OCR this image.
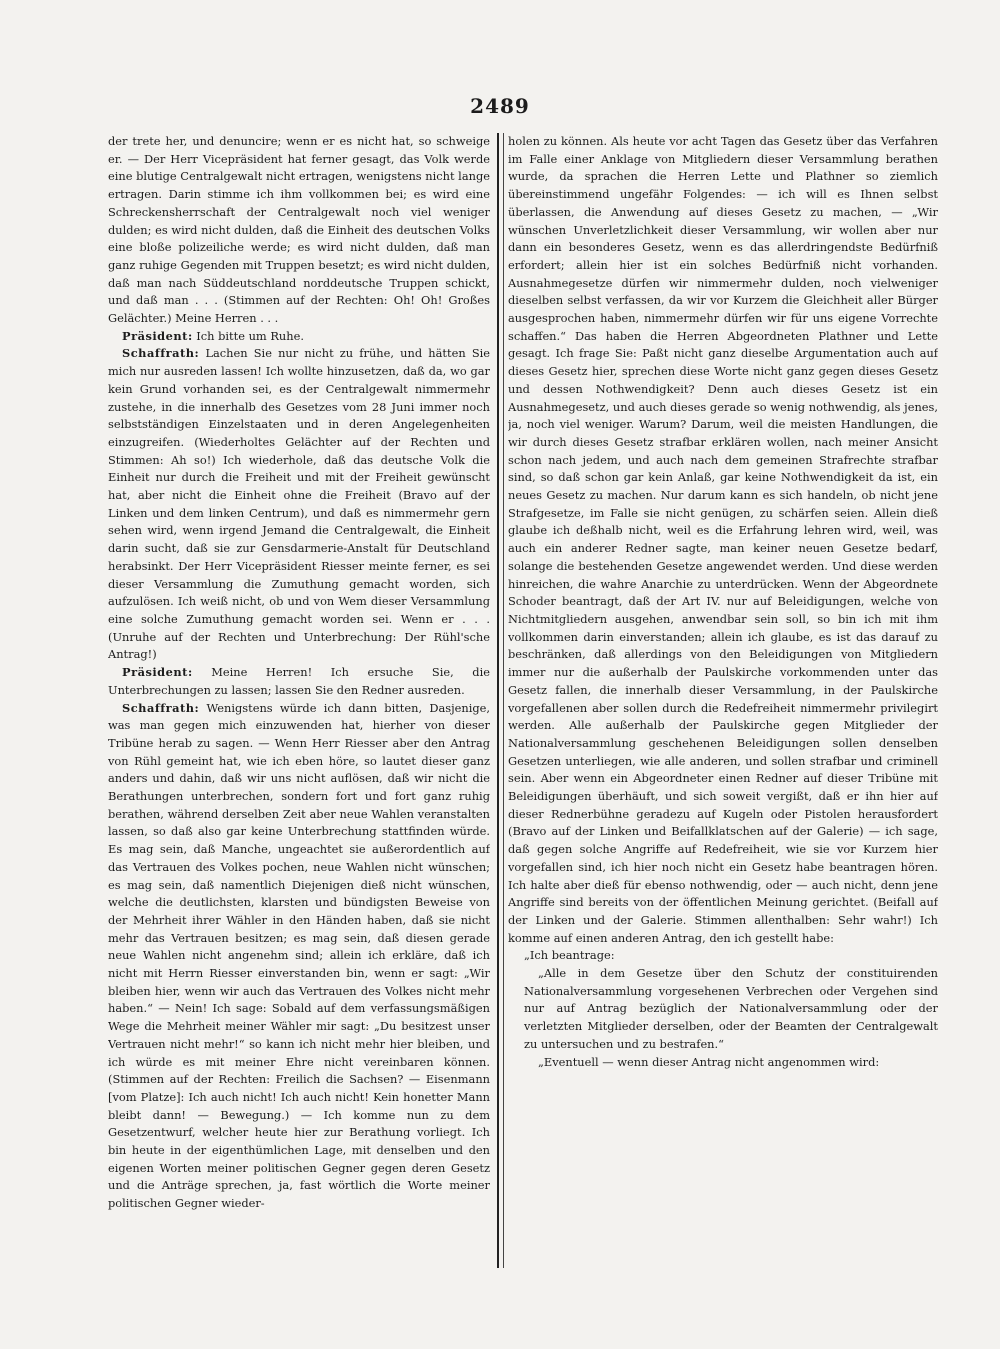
2489

der trete her, und denuncire; wenn er es nicht hat, so schweige er. — Der Herr Vicepräsident hat ferner gesagt, das Volk werde eine blutige Centralgewalt nicht ertragen, wenigstens nicht lange ertragen. Darin stimme ich ihm vollkommen bei; es wird eine Schreckensherrschaft der Centralgewalt noch viel weniger dulden; es wird nicht dulden, daß die Einheit des deutschen Volks eine bloße polizeiliche werde; es wird nicht dulden, daß man ganz ruhige Gegenden mit Truppen besetzt; es wird nicht dulden, daß man nach Süddeutschland norddeutsche Truppen schickt, und daß man . . . (Stimmen auf der Rechten: Oh! Oh! Großes Gelächter.) Meine Herren . . .

Präsident: Ich bitte um Ruhe.

Schaffrath: Lachen Sie nur nicht zu frühe, und hätten Sie mich nur ausreden lassen! Ich wollte hinzusetzen, daß da, wo gar kein Grund vorhanden sei, es der Centralgewalt nimmermehr zustehe, in die innerhalb des Gesetzes vom 28 Juni immer noch selbstständigen Einzelstaaten und in deren Angelegenheiten einzugreifen. (Wiederholtes Gelächter auf der Rechten und Stimmen: Ah so!) Ich wiederhole, daß das deutsche Volk die Einheit nur durch die Freiheit und mit der Freiheit gewünscht hat, aber nicht die Einheit ohne die Freiheit (Bravo auf der Linken und dem linken Centrum), und daß es nimmermehr gern sehen wird, wenn irgend Jemand die Centralgewalt, die Einheit darin sucht, daß sie zur Gensdarmerie-Anstalt für Deutschland herabsinkt. Der Herr Vicepräsident Riesser meinte ferner, es sei dieser Versammlung die Zumuthung gemacht worden, sich aufzulösen. Ich weiß nicht, ob und von Wem dieser Versammlung eine solche Zumuthung gemacht worden sei. Wenn er . . . (Unruhe auf der Rechten und Unterbrechung: Der Rühl'sche Antrag!)

Präsident: Meine Herren! Ich ersuche Sie, die Unterbrechungen zu lassen; lassen Sie den Redner ausreden.

Schaffrath: Wenigstens würde ich dann bitten, Dasjenige, was man gegen mich einzuwenden hat, hierher von dieser Tribüne herab zu sagen. — Wenn Herr Riesser aber den Antrag von Rühl gemeint hat, wie ich eben höre, so lautet dieser ganz anders und dahin, daß wir uns nicht auflösen, daß wir nicht die Berathungen unterbrechen, sondern fort und fort ganz ruhig berathen, während derselben Zeit aber neue Wahlen veranstalten lassen, so daß also gar keine Unterbrechung stattfinden würde. Es mag sein, daß Manche, ungeachtet sie außerordentlich auf das Vertrauen des Volkes pochen, neue Wahlen nicht wünschen; es mag sein, daß namentlich Diejenigen dieß nicht wünschen, welche die deutlichsten, klarsten und bündigsten Beweise von der Mehrheit ihrer Wähler in den Händen haben, daß sie nicht mehr das Vertrauen besitzen; es mag sein, daß diesen gerade neue Wahlen nicht angenehm sind; allein ich erkläre, daß ich nicht mit Herrn Riesser einverstanden bin, wenn er sagt: „Wir bleiben hier, wenn wir auch das Vertrauen des Volkes nicht mehr haben.“ — Nein! Ich sage: Sobald auf dem verfassungsmäßigen Wege die Mehrheit meiner Wähler mir sagt: „Du besitzest unser Vertrauen nicht mehr!“ so kann ich nicht mehr hier bleiben, und ich würde es mit meiner Ehre nicht vereinbaren können. (Stimmen auf der Rechten: Freilich die Sachsen? — Eisenmann [vom Platze]: Ich auch nicht! Ich auch nicht! Kein honetter Mann bleibt dann! — Bewegung.) — Ich komme nun zu dem Gesetzentwurf, welcher heute hier zur Berathung vorliegt. Ich bin heute in der eigenthümlichen Lage, mit denselben und den eigenen Worten meiner politischen Gegner gegen deren Gesetz und die Anträge sprechen, ja, fast wörtlich die Worte meiner politischen Gegner wieder-

holen zu können. Als heute vor acht Tagen das Gesetz über das Verfahren im Falle einer Anklage von Mitgliedern dieser Versammlung berathen wurde, da sprachen die Herren Lette und Plathner so ziemlich übereinstimmend ungefähr Folgendes: — ich will es Ihnen selbst überlassen, die Anwendung auf dieses Gesetz zu machen, — „Wir wünschen Unverletzlichkeit dieser Versammlung, wir wollen aber nur dann ein besonderes Gesetz, wenn es das allerdringendste Bedürfniß erfordert; allein hier ist ein solches Bedürfniß nicht vorhanden. Ausnahmegesetze dürfen wir nimmermehr dulden, noch vielweniger dieselben selbst verfassen, da wir vor Kurzem die Gleichheit aller Bürger ausgesprochen haben, nimmermehr dürfen wir für uns eigene Vorrechte schaffen.“ Das haben die Herren Abgeordneten Plathner und Lette gesagt. Ich frage Sie: Paßt nicht ganz dieselbe Argumentation auch auf dieses Gesetz hier, sprechen diese Worte nicht ganz gegen dieses Gesetz und dessen Nothwendigkeit? Denn auch dieses Gesetz ist ein Ausnahmegesetz, und auch dieses gerade so wenig nothwendig, als jenes, ja, noch viel weniger. Warum? Darum, weil die meisten Handlungen, die wir durch dieses Gesetz strafbar erklären wollen, nach meiner Ansicht schon nach jedem, und auch nach dem gemeinen Strafrechte strafbar sind, so daß schon gar kein Anlaß, gar keine Nothwendigkeit da ist, ein neues Gesetz zu machen. Nur darum kann es sich handeln, ob nicht jene Strafgesetze, im Falle sie nicht genügen, zu schärfen seien. Allein dieß glaube ich deßhalb nicht, weil es die Erfahrung lehren wird, weil, was auch ein anderer Redner sagte, man keiner neuen Gesetze bedarf, solange die bestehenden Gesetze angewendet werden. Und diese werden hinreichen, die wahre Anarchie zu unterdrücken. Wenn der Abgeordnete Schoder beantragt, daß der Art IV. nur auf Beleidigungen, welche von Nichtmitgliedern ausgehen, anwendbar sein soll, so bin ich mit ihm vollkommen darin einverstanden; allein ich glaube, es ist das darauf zu beschränken, daß allerdings von den Beleidigungen von Mitgliedern immer nur die außerhalb der Paulskirche vorkommenden unter das Gesetz fallen, die innerhalb dieser Versammlung, in der Paulskirche vorgefallenen aber sollen durch die Redefreiheit nimmermehr privilegirt werden. Alle außerhalb der Paulskirche gegen Mitglieder der Nationalversammlung geschehenen Beleidigungen sollen denselben Gesetzen unterliegen, wie alle anderen, und sollen strafbar und criminell sein. Aber wenn ein Abgeordneter einen Redner auf dieser Tribüne mit Beleidigungen überhäuft, und sich soweit vergißt, daß er ihn hier auf dieser Rednerbühne geradezu auf Kugeln oder Pistolen herausfordert (Bravo auf der Linken und Beifallklatschen auf der Galerie) — ich sage, daß gegen solche Angriffe auf Redefreiheit, wie sie vor Kurzem hier vorgefallen sind, ich hier noch nicht ein Gesetz habe beantragen hören. Ich halte aber dieß für ebenso nothwendig, oder — auch nicht, denn jene Angriffe sind bereits von der öffentlichen Meinung gerichtet. (Beifall auf der Linken und der Galerie. Stimmen allenthalben: Sehr wahr!) Ich komme auf einen anderen Antrag, den ich gestellt habe:

„Ich beantrage:

„Alle in dem Gesetze über den Schutz der constituirenden Nationalversammlung vorgesehenen Verbrechen oder Vergehen sind nur auf Antrag bezüglich der Nationalversammlung oder der verletzten Mitglieder derselben, oder der Beamten der Centralgewalt zu untersuchen und zu bestrafen.“

„Eventuell — wenn dieser Antrag nicht angenommen wird:
